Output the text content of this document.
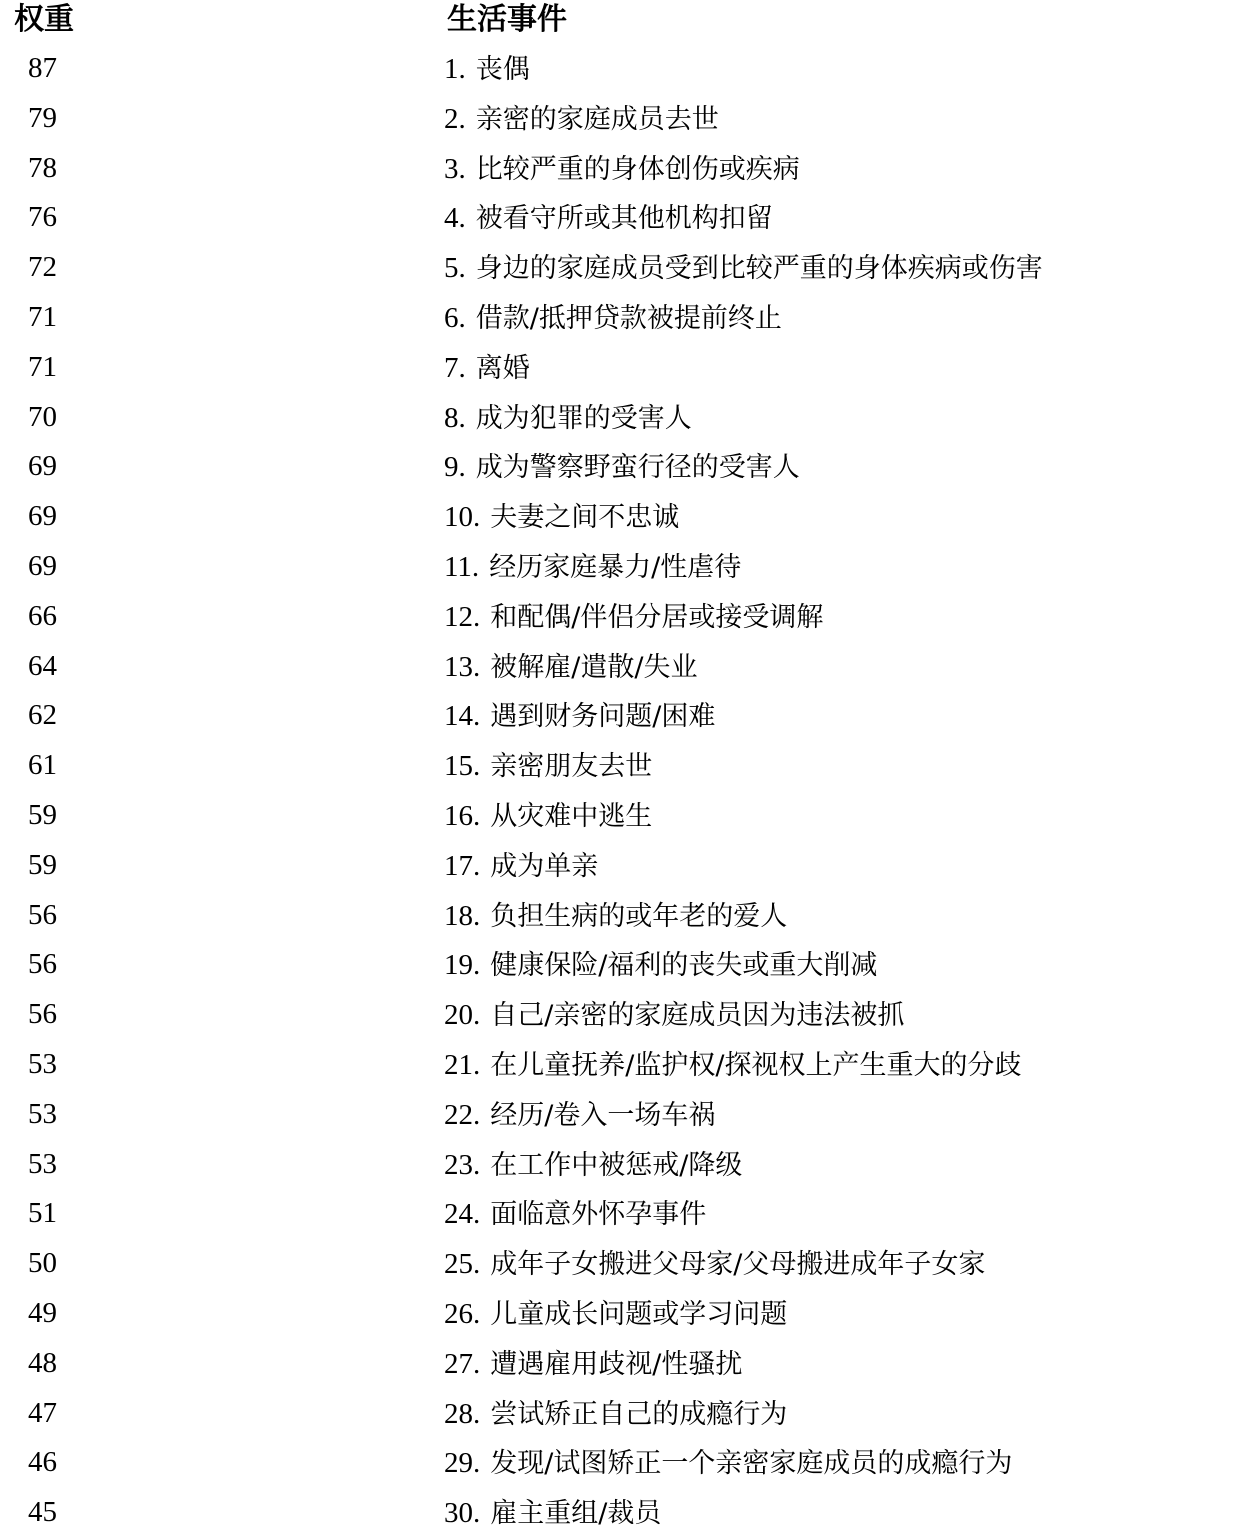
权重	生活事件
87	1. 丧偶
79	2. 亲密的家庭成员去世
78	3. 比较严重的身体创伤或疾病
76	4. 被看守所或其他机构扣留
72	5. 身边的家庭成员受到比较严重的身体疾病或伤害
71	6. 借款/抵押贷款被提前终止
71	7. 离婚
70	8. 成为犯罪的受害人
69	9. 成为警察野蛮行径的受害人
69	10. 夫妻之间不忠诚
69	11. 经历家庭暴力/性虐待
66	12. 和配偶/伴侣分居或接受调解
64	13. 被解雇/遣散/失业
62	14. 遇到财务问题/困难
61	15. 亲密朋友去世
59	16. 从灾难中逃生
59	17. 成为单亲
56	18. 负担生病的或年老的爱人
56	19. 健康保险/福利的丧失或重大削减
56	20. 自己/亲密的家庭成员因为违法被抓
53	21. 在儿童抚养/监护权/探视权上产生重大的分歧
53	22. 经历/卷入一场车祸
53	23. 在工作中被惩戒/降级
51	24. 面临意外怀孕事件
50	25. 成年子女搬进父母家/父母搬进成年子女家
49	26. 儿童成长问题或学习问题
48	27. 遭遇雇用歧视/性骚扰
47	28. 尝试矫正自己的成瘾行为
46	29. 发现/试图矫正一个亲密家庭成员的成瘾行为
45	30. 雇主重组/裁员
